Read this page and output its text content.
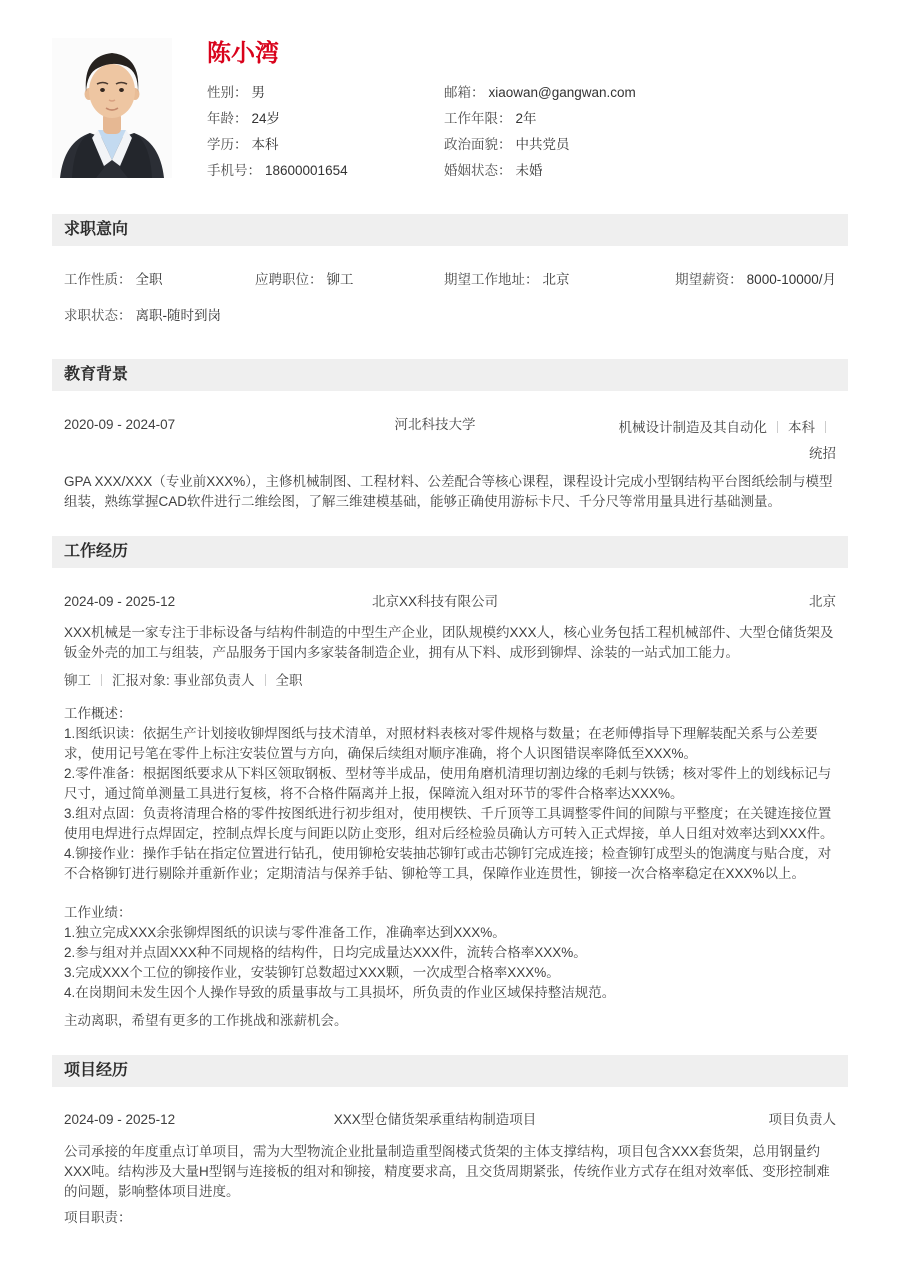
陈小湾
性别： 男	邮箱： xiaowan@gangwan.com
年龄： 24岁	工作年限： 2年
学历： 本科	政治面貌： 中共党员
手机号： 18600001654	婚姻状态： 未婚
求职意向
工作性质： 全职	应聘职位： 铆工	期望工作地址： 北京	期望薪资： 8000-10000/月
求职状态： 离职-随时到岗
教育背景
2020-09 - 2024-07	河北科技大学	机械设计制造及其自动化 本科
统招
GPA XXX/XXX（专业前XXX%），主修机械制图、工程材料、公差配合等核心课程，课程设计完成小型钢结构平台图纸绘制与模型组装，熟练掌握CAD软件进行二维绘图，了解三维建模基础，能够正确使用游标卡尺、千分尺等常用量具进行基础测量。
工作经历
2024-09 - 2025-12	北京XX科技有限公司	北京
XXX机械是一家专注于非标设备与结构件制造的中型生产企业，团队规模约XXX人，核心业务包括工程机械部件、大型仓储货架及钣金外壳的加工与组装，产品服务于国内多家装备制造企业，拥有从下料、成形到铆焊、涂装的一站式加工能力。
铆工 汇报对象: 事业部负责人 全职
工作概述：
1.图纸识读：依据生产计划接收铆焊图纸与技术清单，对照材料表核对零件规格与数量；在老师傅指导下理解装配关系与公差要求，使用记号笔在零件上标注安装位置与方向，确保后续组对顺序准确，将个人识图错误率降低至XXX%。
2.零件准备：根据图纸要求从下料区领取钢板、型材等半成品，使用角磨机清理切割边缘的毛刺与铁锈；核对零件上的划线标记与尺寸，通过简单测量工具进行复核，将不合格件隔离并上报，保障流入组对环节的零件合格率达XXX%。
3.组对点固：负责将清理合格的零件按图纸进行初步组对，使用楔铁、千斤顶等工具调整零件间的间隙与平整度；在关键连接位置使用电焊进行点焊固定，控制点焊长度与间距以防止变形，组对后经检验员确认方可转入正式焊接，单人日组对效率达到XXX件。
4.铆接作业：操作手钻在指定位置进行钻孔，使用铆枪安装抽芯铆钉或击芯铆钉完成连接；检查铆钉成型头的饱满度与贴合度，对不合格铆钉进行剔除并重新作业；定期清洁与保养手钻、铆枪等工具，保障作业连贯性，铆接一次合格率稳定在XXX%以上。
工作业绩：
1.独立完成XXX余张铆焊图纸的识读与零件准备工作，准确率达到XXX%。
2.参与组对并点固XXX种不同规格的结构件，日均完成量达XXX件，流转合格率XXX%。
3.完成XXX个工位的铆接作业，安装铆钉总数超过XXX颗，一次成型合格率XXX%。
4.在岗期间未发生因个人操作导致的质量事故与工具损坏，所负责的作业区域保持整洁规范。
主动离职，希望有更多的工作挑战和涨薪机会。
项目经历
2024-09 - 2025-12	XXX型仓储货架承重结构制造项目	项目负责人
公司承接的年度重点订单项目，需为大型物流企业批量制造重型阁楼式货架的主体支撑结构，项目包含XXX套货架，总用钢量约XXX吨。结构涉及大量H型钢与连接板的组对和铆接，精度要求高，且交货周期紧张，传统作业方式存在组对效率低、变形控制难的问题，影响整体项目进度。
项目职责：
